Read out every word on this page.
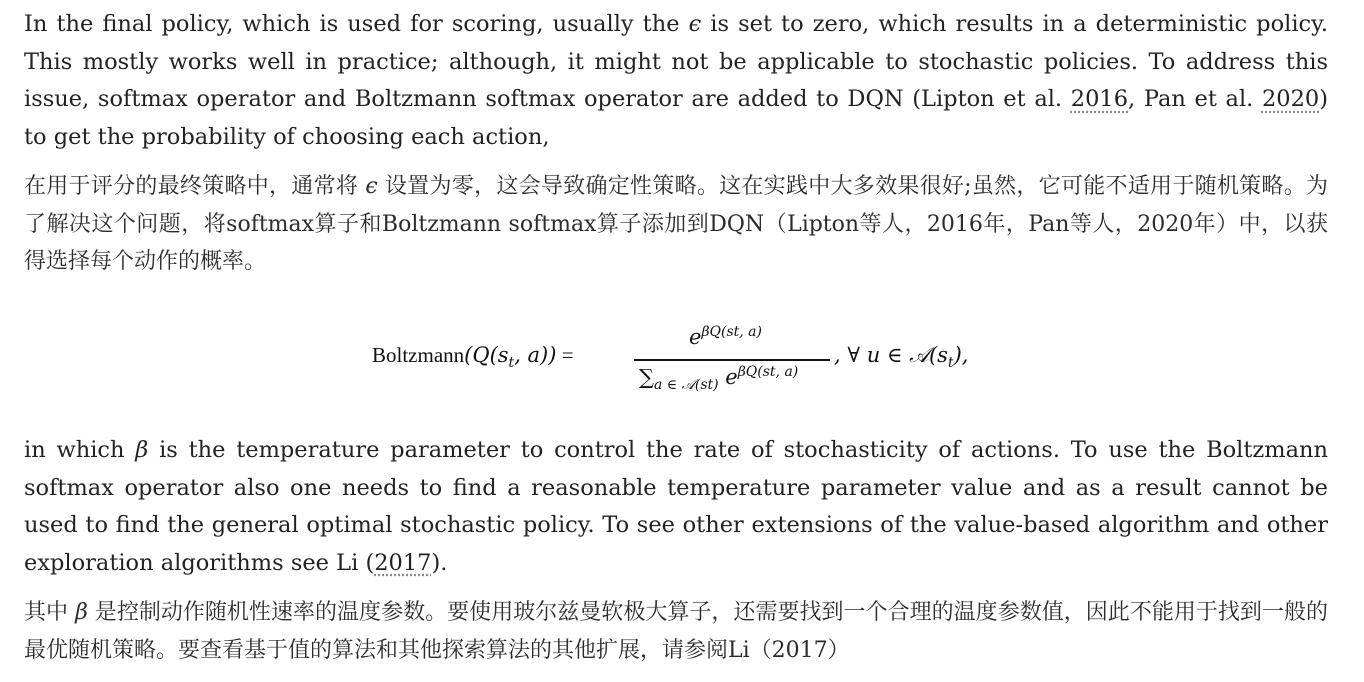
In the final policy, which is used for scoring, usually the ϵ is set to zero, which results in a deterministic policy. This mostly works well in practice; although, it might not be applicable to stochastic policies. To address this issue, softmax operator and Boltzmann softmax operator are added to DQN (Lipton et al. 2016, Pan et al. 2020) to get the probability of choosing each action,

在用于评分的最终策略中，通常将 ϵ 设置为零，这会导致确定性策略。这在实践中大多效果很好;虽然，它可能不适用于随机策略。为了解决这个问题，将softmax算子和Boltzmann softmax算子添加到DQN（Lipton等人，2016年，Pan等人，2020年）中，以获得选择每个动作的概率。

$Boltzmann(Q(s_t$, a)) =
$e^{\beta Q(st, a)}$
$\sum_{a \in 𝒜(st)}$ $e^{\beta Q(st, a)}$
, ∀ u ∈ $𝒜(s_t)$,

in which β is the temperature parameter to control the rate of stochasticity of actions. To use the Boltzmann softmax operator also one needs to find a reasonable temperature parameter value and as a result cannot be used to find the general optimal stochastic policy. To see other extensions of the value-based algorithm and other exploration algorithms see Li (2017).

其中 β 是控制动作随机性速率的温度参数。要使用玻尔兹曼软极大算子，还需要找到一个合理的温度参数值，因此不能用于找到一般的最优随机策略。要查看基于值的算法和其他探索算法的其他扩展，请参阅Li（2017）
